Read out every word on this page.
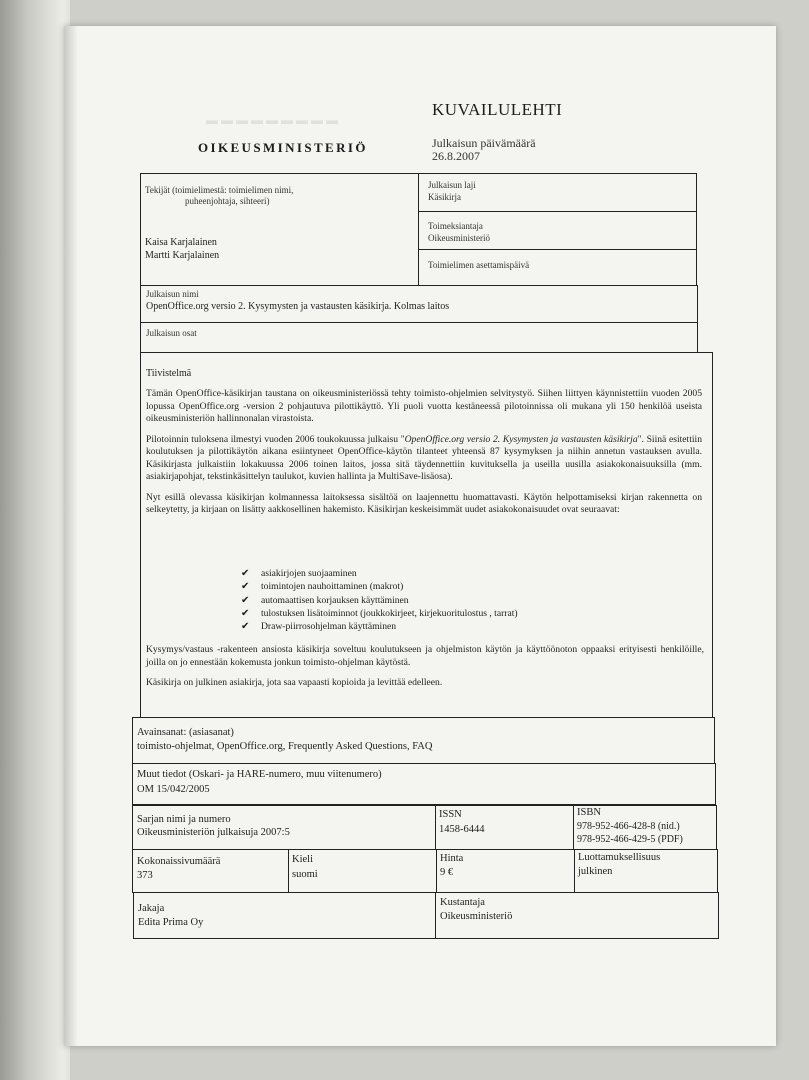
▬▬▬▬▬▬▬▬▬
KUVAILULEHTI
OIKEUSMINISTERIÖ	Julkaisun päivämäärä
26.8.2007
Tekijät (toimielimestä: toimielimen nimi,
puheenjohtaja, sihteeri)
Kaisa Karjalainen
Martti Karjalainen
Julkaisun laji
Käsikirja
Toimeksiantaja
Oikeusministeriö
Toimielimen asettamispäivä
Julkaisun nimi
OpenOffice.org versio 2. Kysymysten ja vastausten käsikirja. Kolmas laitos
Julkaisun osat
Tiivistelmä

Tämän OpenOffice-käsikirjan taustana on oikeusministeriössä tehty toimisto-ohjelmien selvitystyö. Siihen liittyen käynnistettiin vuoden 2005 lopussa OpenOffice.org -version 2 pohjautuva pilottikäyttö. Yli puoli vuotta kestäneessä pilotoinnissa oli mukana yli 150 henkilöä useista oikeusministeriön hallinnonalan virastoista.

Pilotoinnin tuloksena ilmestyi vuoden 2006 toukokuussa julkaisu "OpenOffice.org versio 2. Kysymysten ja vastausten käsikirja". Siinä esitettiin koulutuksen ja pilottikäytön aikana esiintyneet OpenOffice-käytön tilanteet yhteensä 87 kysymyksen ja niihin annetun vastauksen avulla. Käsikirjasta julkaistiin lokakuussa 2006 toinen laitos, jossa sitä täydennettiin kuvituksella ja useilla uusilla asiakokonaisuuksilla (mm. asiakirjapohjat, tekstinkäsittelyn taulukot, kuvien hallinta ja MultiSave-lisäosa).

Nyt esillä olevassa käsikirjan kolmannessa laitoksessa sisältöä on laajennettu huomattavasti. Käytön helpottamiseksi kirjan rakennetta on selkeytetty, ja kirjaan on lisätty aakkosellinen hakemisto. Käsikirjan keskeisimmät uudet asiakokonaisuudet ovat seuraavat:

✔ asiakirjojen suojaaminen
✔ toimintojen nauhoittaminen (makrot)
✔ automaattisen korjauksen käyttäminen
✔ tulostuksen lisätoiminnot (joukkokirjeet, kirjekuoritulostus , tarrat)
✔ Draw-piirrosohjelman käyttäminen

Kysymys/vastaus -rakenteen ansiosta käsikirja soveltuu koulutukseen ja ohjelmiston käytön ja käyttöönoton oppaaksi erityisesti henkilöille, joilla on jo ennestään kokemusta jonkun toimisto-ohjelman käytöstä.

Käsikirja on julkinen asiakirja, jota saa vapaasti kopioida ja levittää edelleen.

Avainsanat: (asiasanat)
toimisto-ohjelmat, OpenOffice.org, Frequently Asked Questions, FAQ
Muut tiedot (Oskari- ja HARE-numero, muu viitenumero)
OM 15/042/2005
Sarjan nimi ja numero
Oikeusministeriön julkaisuja 2007:5
ISSN
1458-6444
ISBN
978-952-466-428-8 (nid.)
978-952-466-429-5 (PDF)
Kokonaissivumäärä
373
Kieli
suomi
Hinta
9 €
Luottamuksellisuus
julkinen
Jakaja
Edita Prima Oy
Kustantaja
Oikeusministeriö
